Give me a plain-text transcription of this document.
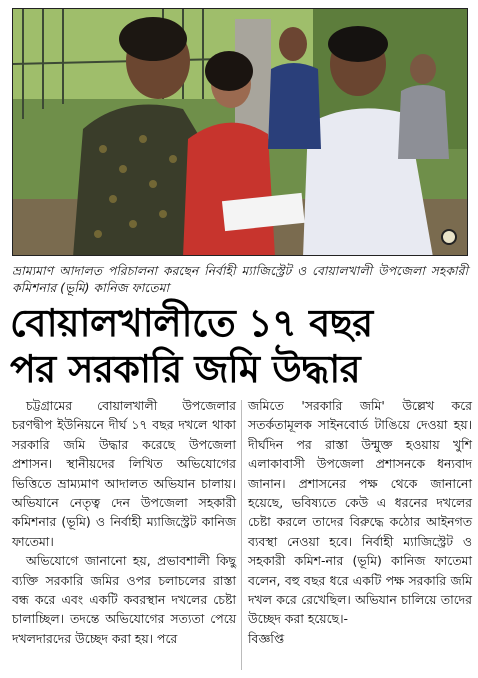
ভ্রাম্যমাণ আদালত পরিচালনা করছেন নির্বাহী ম্যাজিস্ট্রেট ও বোয়ালখালী উপজেলা সহকারী কমিশনার (ভূমি) কানিজ ফাতেমা
বোয়ালখালীতে ১৭ বছর
পর সরকারি জমি উদ্ধার

চট্টগ্রামের বোয়ালখালী উপজেলার চরণদ্বীপ ইউনিয়নে দীর্ঘ ১৭ বছর দখলে থাকা সরকারি জমি উদ্ধার করেছে উপজেলা প্রশাসন। স্থানীয়দের লিখিত অভিযোগের ভিত্তিতে ভ্রাম্যমাণ আদালত অভিযান চালায়। অভিযানে নেতৃত্ব দেন উপজেলা সহকারী কমিশনার (ভূমি) ও নির্বাহী ম্যাজিস্ট্রেট কানিজ ফাতেমা।

অভিযোগে জানানো হয়, প্রভাবশালী কিছু ব্যক্তি সরকারি জমির ওপর চলাচলের রাস্তা বন্ধ করে এবং একটি কবরস্থান দখলের চেষ্টা চালাচ্ছিল। তদন্তে অভিযোগের সত্যতা পেয়ে দখলদারদের উচ্ছেদ করা হয়। পরে

জমিতে 'সরকারি জমি' উল্লেখ করে সতর্কতামূলক সাইনবোর্ড টাঙিয়ে দেওয়া হয়। দীর্ঘদিন পর রাস্তা উন্মুক্ত হওয়ায় খুশি এলাকাবাসী উপজেলা প্রশাসনকে ধন্যবাদ জানান। প্রশাসনের পক্ষ থেকে জানানো হয়েছে, ভবিষ্যতে কেউ এ ধরনের দখলের চেষ্টা করলে তাদের বিরুদ্ধে কঠোর আইনগত ব্যবস্থা নেওয়া হবে। নির্বাহী ম্যাজিস্ট্রেট ও সহকারী কমিশ-নার (ভূমি) কানিজ ফাতেমা বলেন, বহু বছর ধরে একটি পক্ষ সরকারি জমি দখল করে রেখেছিল। অভিযান চালিয়ে তাদের উচ্ছেদ করা হয়েছে।-

বিজ্ঞপ্তি
